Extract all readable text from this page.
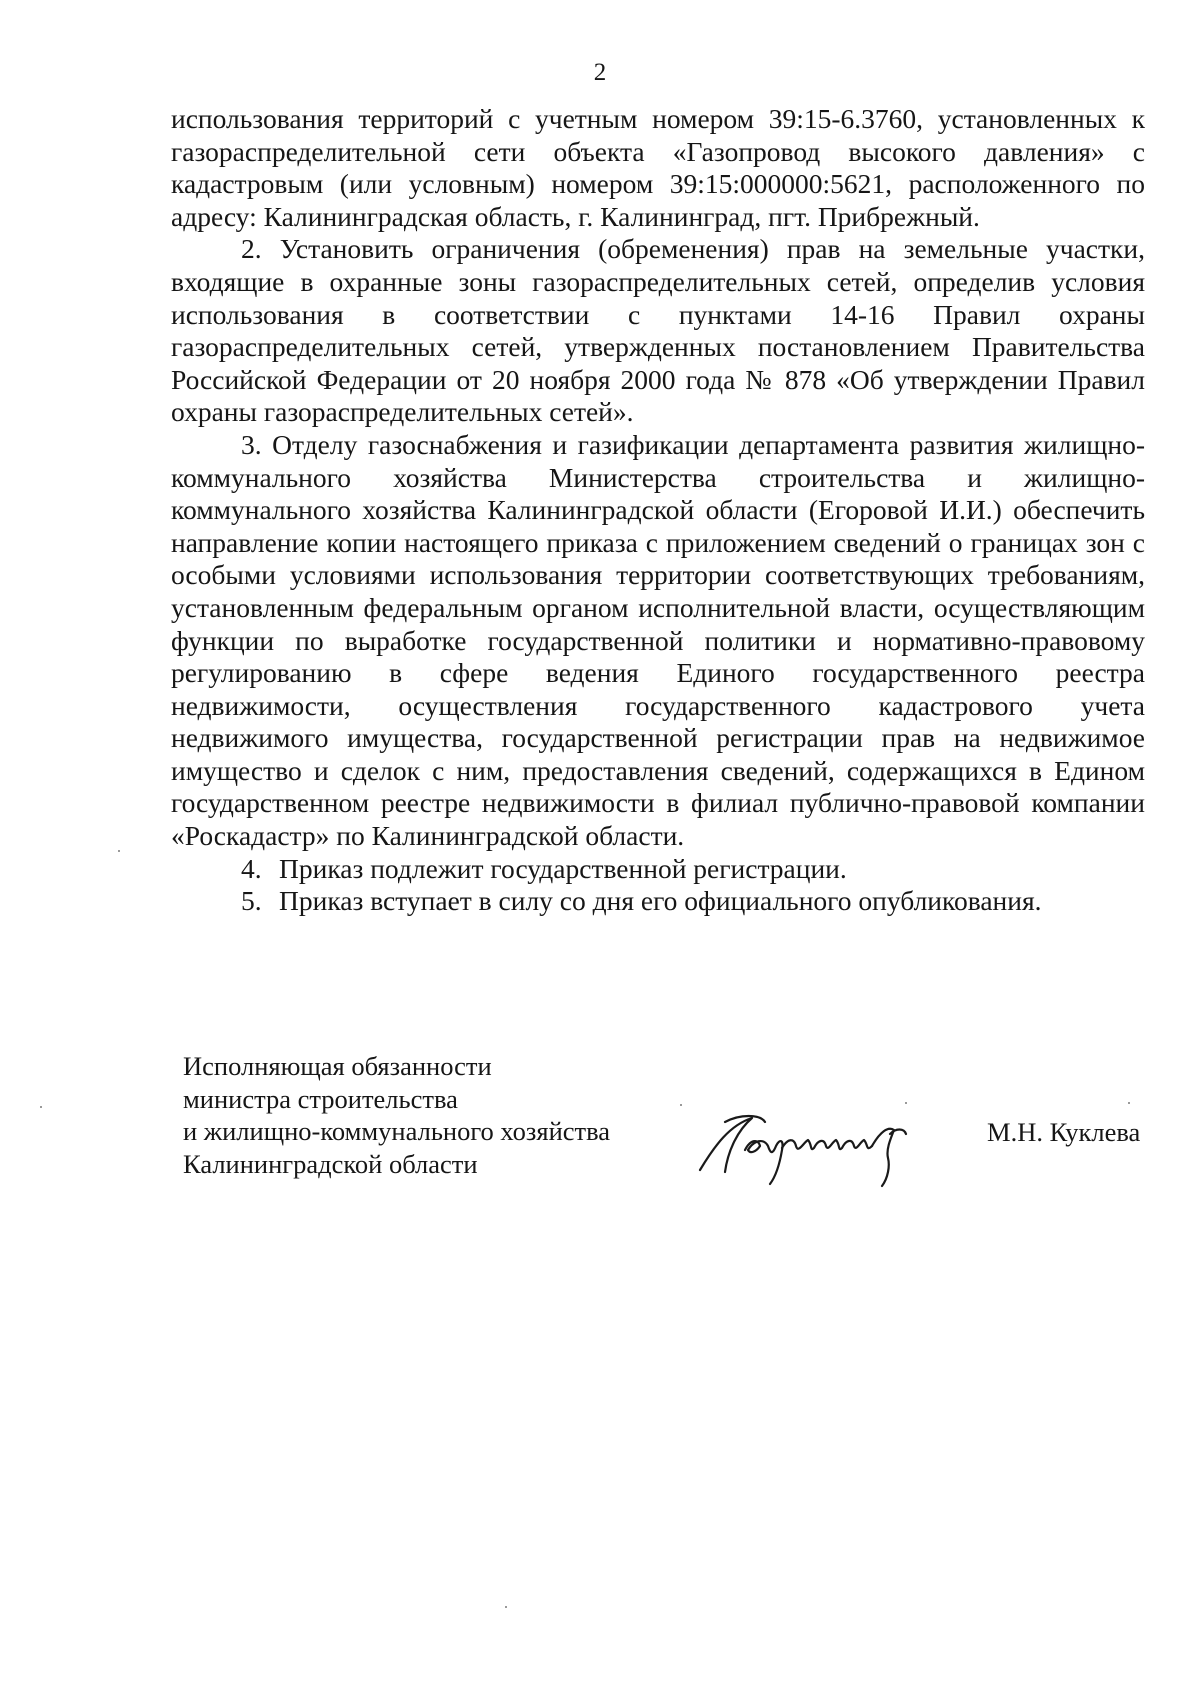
2

использования территорий с учетным номером 39:15-6.3760, установленных к газораспределительной сети объекта «Газопровод высокого давления» с кадастровым (или условным) номером 39:15:000000:5621, расположенного по адресу: Калининградская область, г. Калининград, пгт. Прибрежный.

2. Установить ограничения (обременения) прав на земельные участки, входящие в охранные зоны газораспределительных сетей, определив условия использования в соответствии с пунктами 14-16 Правил охраны газораспределительных сетей, утвержденных постановлением Правительства Российской Федерации от 20 ноября 2000 года № 878 «Об утверждении Правил охраны газораспределительных сетей».

3. Отделу газоснабжения и газификации департамента развития жилищно-коммунального хозяйства Министерства строительства и жилищно-коммунального хозяйства Калининградской области (Егоровой И.И.) обеспечить направление копии настоящего приказа с приложением сведений о границах зон с особыми условиями использования территории соответствующих требованиям, установленным федеральным органом исполнительной власти, осуществляющим функции по выработке государственной политики и нормативно-правовому регулированию в сфере ведения Единого государственного реестра недвижимости, осуществления государственного кадастрового учета недвижимого имущества, государственной регистрации прав на недвижимое имущество и сделок с ним, предоставления сведений, содержащихся в Едином государственном реестре недвижимости в филиал публично-правовой компании «Роскадастр» по Калининградской области.

4. Приказ подлежит государственной регистрации.
5. Приказ вступает в силу со дня его официального опубликования.
Исполняющая обязанности
министра строительства
и жилищно-коммунального хозяйства
Калининградской области
М.Н. Куклева
